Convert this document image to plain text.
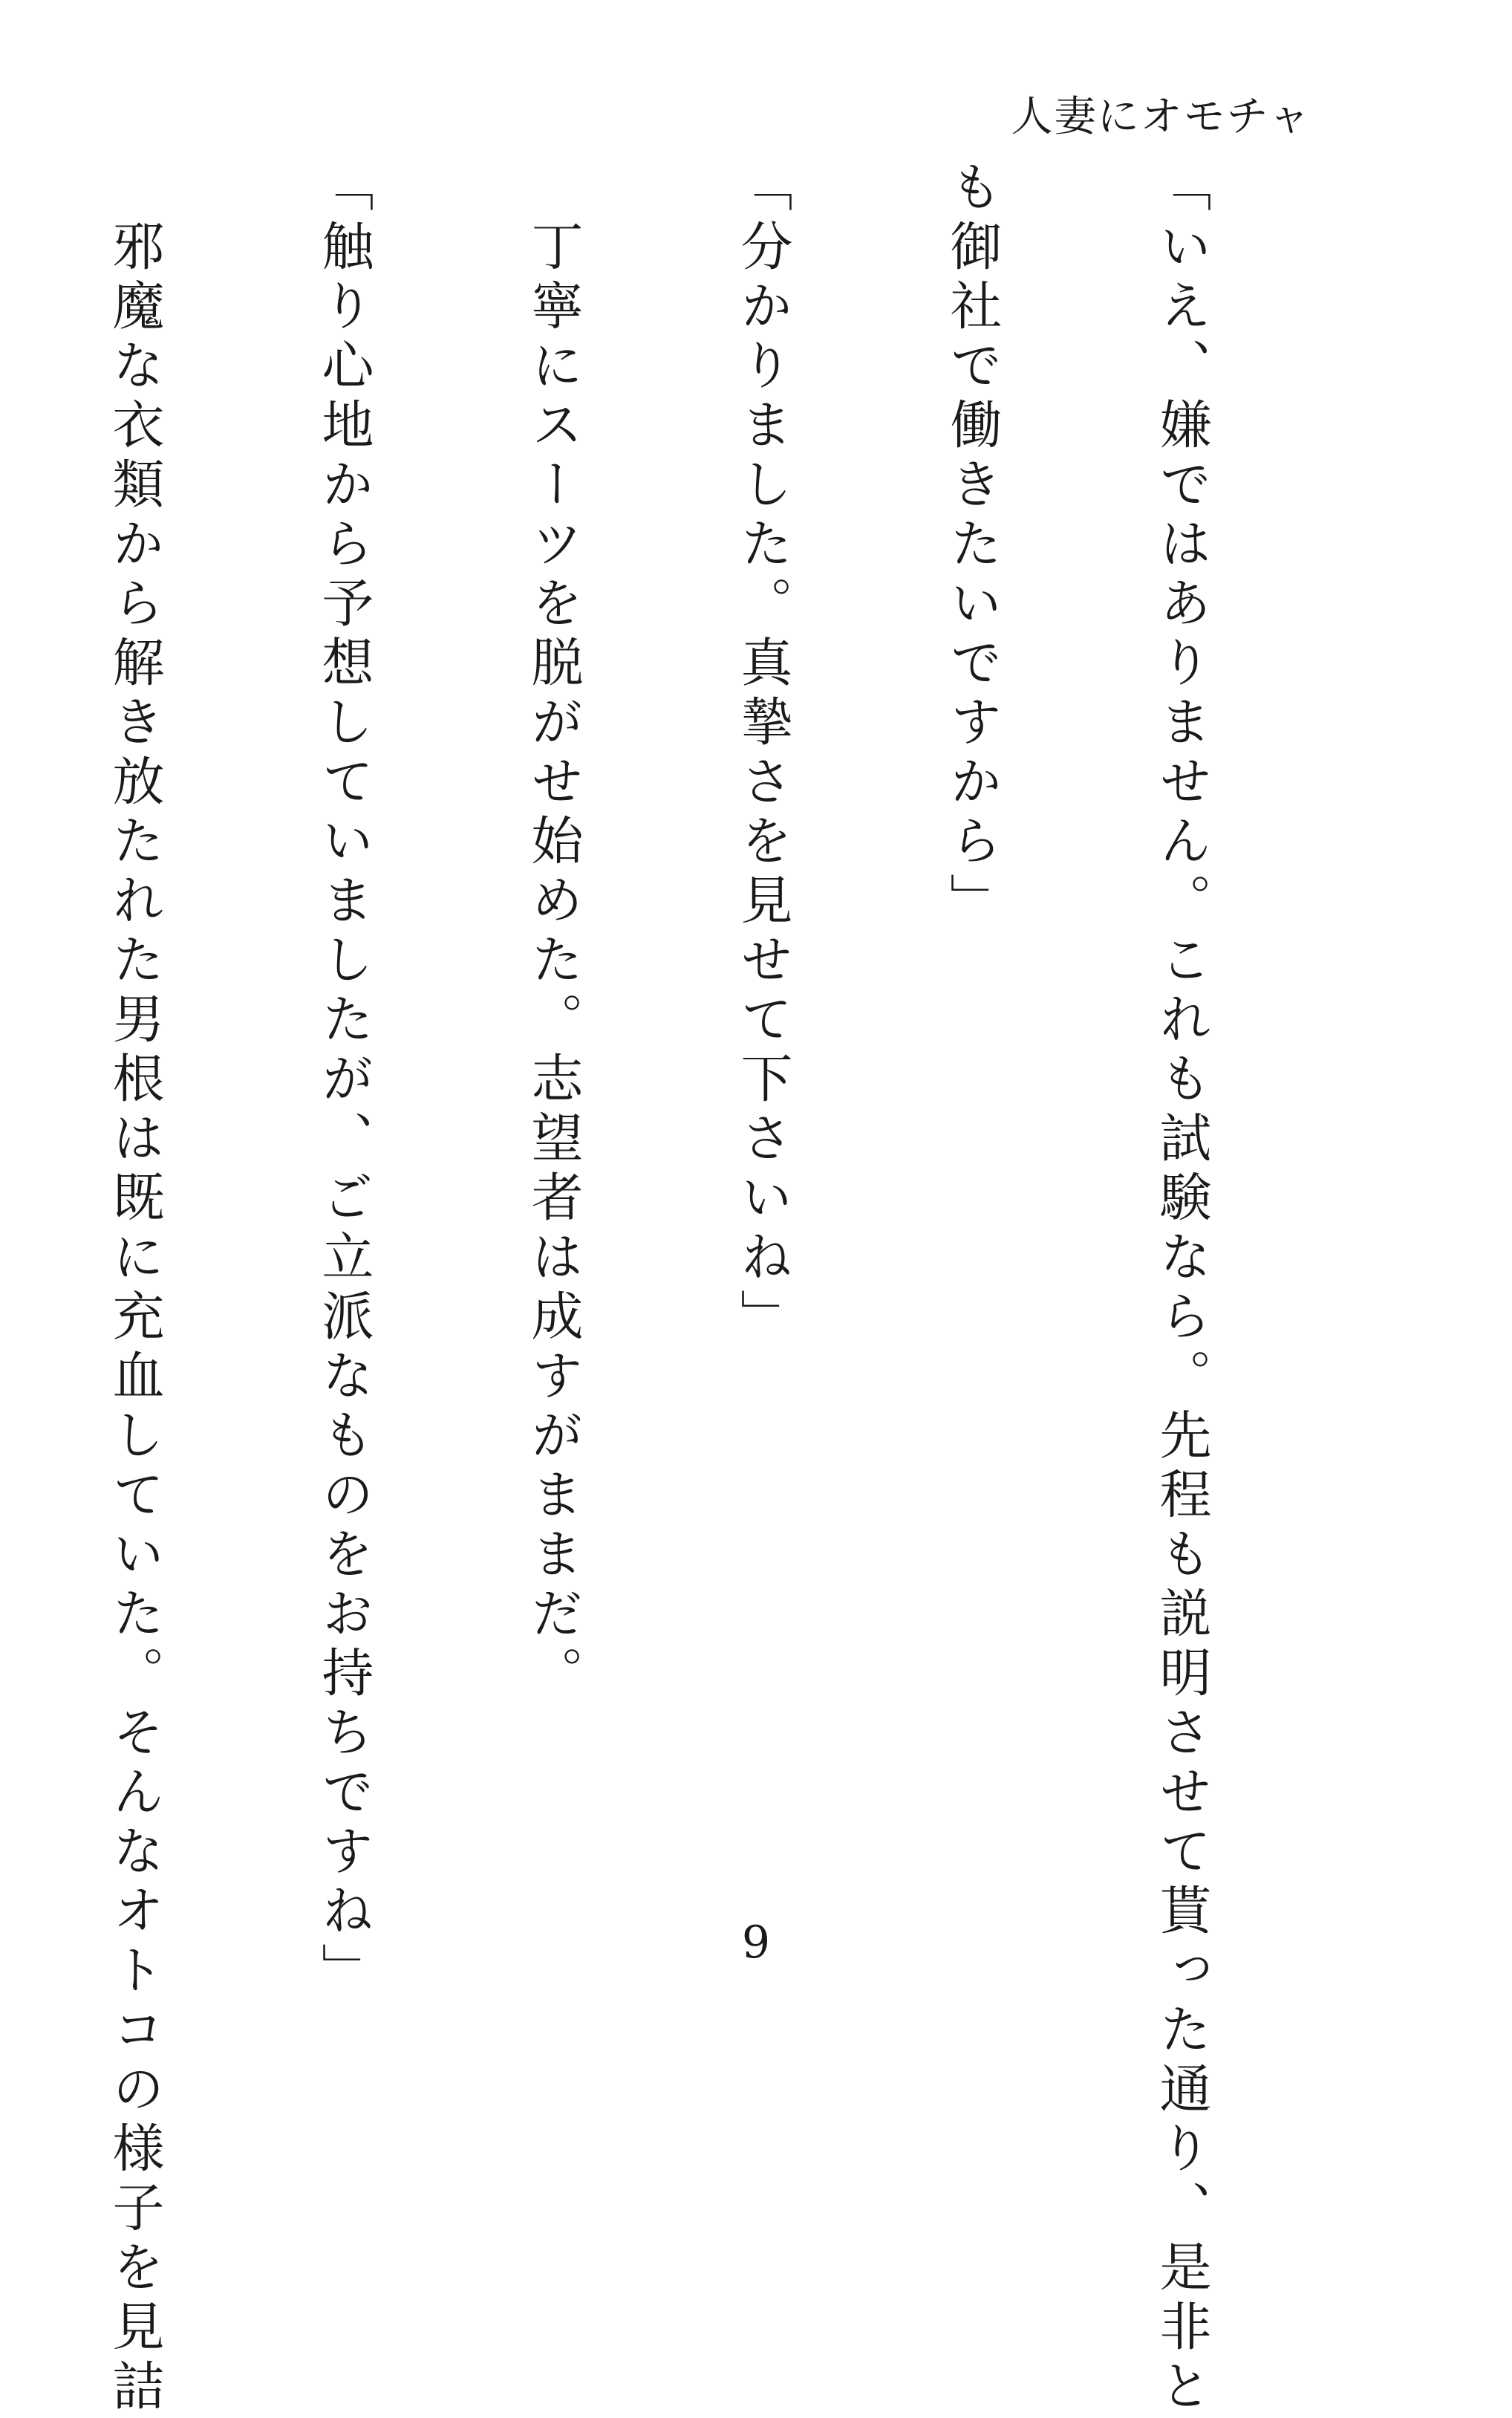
人妻にオモチャ

「いえ、嫌ではありません。これも試験なら。先程も説明させて貰った通り、是非と

も御社で働きたいですから」

「分かりました。真摯さを見せて下さいね」

　丁寧にスーツを脱がせ始めた。志望者は成すがままだ。

「触り心地から予想していましたが、ご立派なものをお持ちですね」

　邪魔な衣類から解き放たれた男根は既に充血していた。そんなオトコの様子を見詰

	9
